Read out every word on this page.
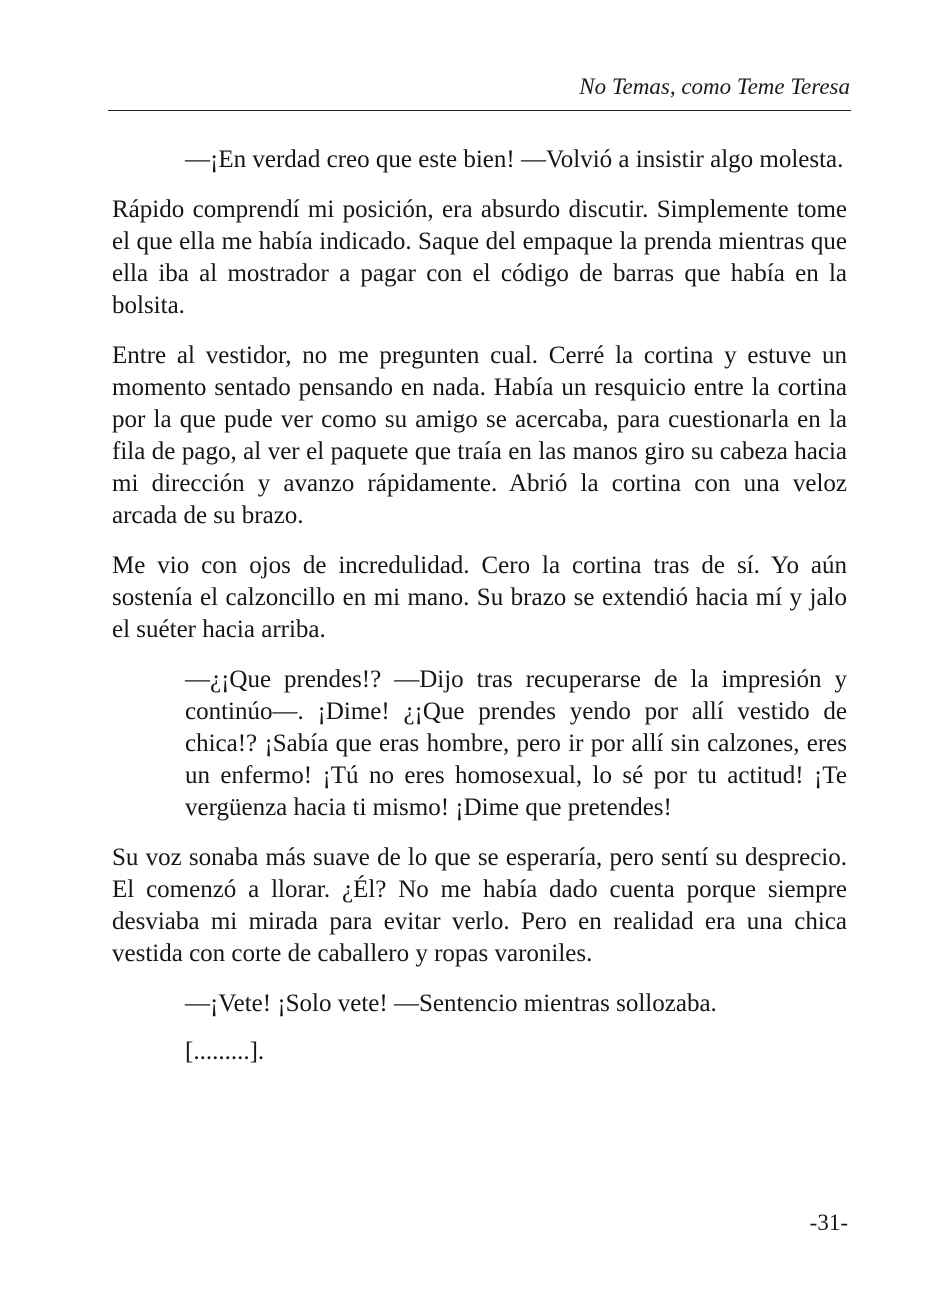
No Temas, como Teme Teresa

—¡En verdad creo que este bien! —Volvió a insistir algo molesta.

Rápido comprendí mi posición, era absurdo discutir. Simplemente tome el que ella me había indicado. Saque del empaque la prenda mientras que ella iba al mostrador a pagar con el código de barras que había en la bolsita.

Entre al vestidor, no me pregunten cual. Cerré la cortina y estuve un momento sentado pensando en nada. Había un resquicio entre la cortina por la que pude ver como su amigo se acercaba, para cuestionarla en la fila de pago, al ver el paquete que traía en las manos giro su cabeza hacia mi dirección y avanzo rápidamente. Abrió la cortina con una veloz arcada de su brazo.

Me vio con ojos de incredulidad. Cero la cortina tras de sí. Yo aún sostenía el calzoncillo en mi mano. Su brazo se extendió hacia mí y jalo el suéter hacia arriba.

—¿¡Que prendes!? —Dijo tras recuperarse de la impresión y continúo—. ¡Dime! ¿¡Que prendes yendo por allí vestido de chica!? ¡Sabía que eras hombre, pero ir por allí sin calzones, eres un enfermo! ¡Tú no eres homosexual, lo sé por tu actitud! ¡Te vergüenza hacia ti mismo! ¡Dime que pretendes!

Su voz sonaba más suave de lo que se esperaría, pero sentí su desprecio. El comenzó a llorar. ¿Él? No me había dado cuenta porque siempre desviaba mi mirada para evitar verlo. Pero en realidad era una chica vestida con corte de caballero y ropas varoniles.

—¡Vete! ¡Solo vete! —Sentencio mientras sollozaba.

[.........].

-31-
